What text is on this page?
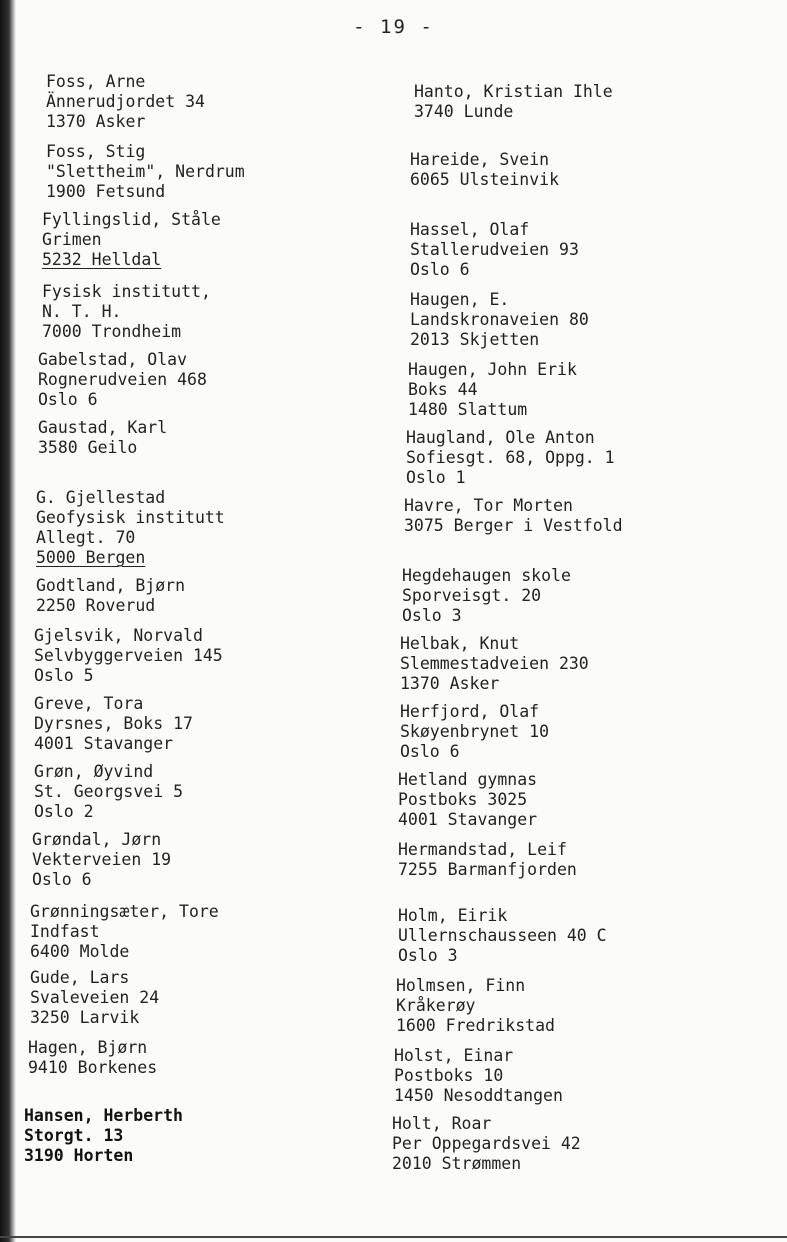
- 19 -
Foss, Arne
Ännerudjordet 34
1370 Asker
Foss, Stig
"Slettheim", Nerdrum
1900 Fetsund
Fyllingslid, Ståle
Grimen
5232 Helldal
Fysisk institutt,
N. T. H.
7000 Trondheim
Gabelstad, Olav
Rognerudveien 468
Oslo 6
Gaustad, Karl
3580 Geilo
G. Gjellestad
Geofysisk institutt
Allegt. 70
5000 Bergen
Godtland, Bjørn
2250 Roverud
Gjelsvik, Norvald
Selvbyggerveien 145
Oslo 5
Greve, Tora
Dyrsnes, Boks 17
4001 Stavanger
Grøn, Øyvind
St. Georgsvei 5
Oslo 2
Grøndal, Jørn
Vekterveien 19
Oslo 6
Grønningsæter, Tore
Indfast
6400 Molde
Gude, Lars
Svaleveien 24
3250 Larvik
Hagen, Bjørn
9410 Borkenes
Hansen, Herberth
Storgt. 13
3190 Horten
Hanto, Kristian Ihle
3740 Lunde
Hareide, Svein
6065 Ulsteinvik
Hassel, Olaf
Stallerudveien 93
Oslo 6
Haugen, E.
Landskronaveien 80
2013 Skjetten
Haugen, John Erik
Boks 44
1480 Slattum
Haugland, Ole Anton
Sofiesgt. 68, Oppg. 1
Oslo 1
Havre, Tor Morten
3075 Berger i Vestfold
Hegdehaugen skole
Sporveisgt. 20
Oslo 3
Helbak, Knut
Slemmestadveien 230
1370 Asker
Herfjord, Olaf
Skøyenbrynet 10
Oslo 6
Hetland gymnas
Postboks 3025
4001 Stavanger
Hermandstad, Leif
7255 Barmanfjorden
Holm, Eirik
Ullernschausseen 40 C
Oslo 3
Holmsen, Finn
Kråkerøy
1600 Fredrikstad
Holst, Einar
Postboks 10
1450 Nesoddtangen
Holt, Roar
Per Oppegardsvei 42
2010 Strømmen
